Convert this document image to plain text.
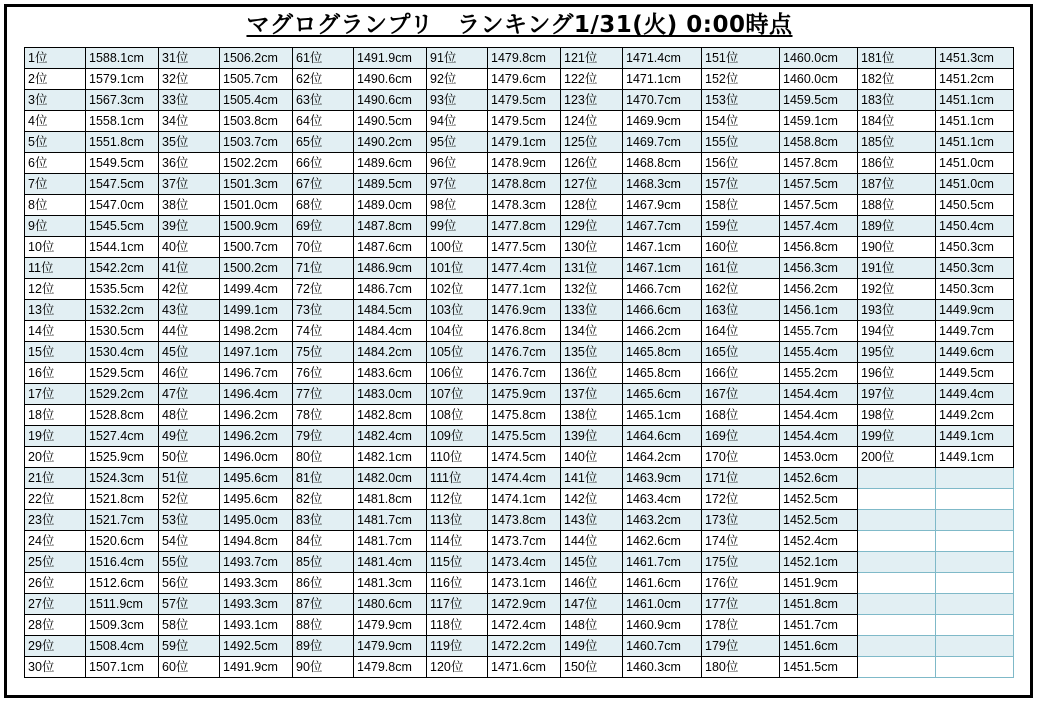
マグログランプリ　ランキング1/31(火) 0:00時点
1位	1588.1cm	31位	1506.2cm	61位	1491.9cm	91位	1479.8cm	121位	1471.4cm	151位	1460.0cm	181位	1451.3cm
2位	1579.1cm	32位	1505.7cm	62位	1490.6cm	92位	1479.6cm	122位	1471.1cm	152位	1460.0cm	182位	1451.2cm
3位	1567.3cm	33位	1505.4cm	63位	1490.6cm	93位	1479.5cm	123位	1470.7cm	153位	1459.5cm	183位	1451.1cm
4位	1558.1cm	34位	1503.8cm	64位	1490.5cm	94位	1479.5cm	124位	1469.9cm	154位	1459.1cm	184位	1451.1cm
5位	1551.8cm	35位	1503.7cm	65位	1490.2cm	95位	1479.1cm	125位	1469.7cm	155位	1458.8cm	185位	1451.1cm
6位	1549.5cm	36位	1502.2cm	66位	1489.6cm	96位	1478.9cm	126位	1468.8cm	156位	1457.8cm	186位	1451.0cm
7位	1547.5cm	37位	1501.3cm	67位	1489.5cm	97位	1478.8cm	127位	1468.3cm	157位	1457.5cm	187位	1451.0cm
8位	1547.0cm	38位	1501.0cm	68位	1489.0cm	98位	1478.3cm	128位	1467.9cm	158位	1457.5cm	188位	1450.5cm
9位	1545.5cm	39位	1500.9cm	69位	1487.8cm	99位	1477.8cm	129位	1467.7cm	159位	1457.4cm	189位	1450.4cm
10位	1544.1cm	40位	1500.7cm	70位	1487.6cm	100位	1477.5cm	130位	1467.1cm	160位	1456.8cm	190位	1450.3cm
11位	1542.2cm	41位	1500.2cm	71位	1486.9cm	101位	1477.4cm	131位	1467.1cm	161位	1456.3cm	191位	1450.3cm
12位	1535.5cm	42位	1499.4cm	72位	1486.7cm	102位	1477.1cm	132位	1466.7cm	162位	1456.2cm	192位	1450.3cm
13位	1532.2cm	43位	1499.1cm	73位	1484.5cm	103位	1476.9cm	133位	1466.6cm	163位	1456.1cm	193位	1449.9cm
14位	1530.5cm	44位	1498.2cm	74位	1484.4cm	104位	1476.8cm	134位	1466.2cm	164位	1455.7cm	194位	1449.7cm
15位	1530.4cm	45位	1497.1cm	75位	1484.2cm	105位	1476.7cm	135位	1465.8cm	165位	1455.4cm	195位	1449.6cm
16位	1529.5cm	46位	1496.7cm	76位	1483.6cm	106位	1476.7cm	136位	1465.8cm	166位	1455.2cm	196位	1449.5cm
17位	1529.2cm	47位	1496.4cm	77位	1483.0cm	107位	1475.9cm	137位	1465.6cm	167位	1454.4cm	197位	1449.4cm
18位	1528.8cm	48位	1496.2cm	78位	1482.8cm	108位	1475.8cm	138位	1465.1cm	168位	1454.4cm	198位	1449.2cm
19位	1527.4cm	49位	1496.2cm	79位	1482.4cm	109位	1475.5cm	139位	1464.6cm	169位	1454.4cm	199位	1449.1cm
20位	1525.9cm	50位	1496.0cm	80位	1482.1cm	110位	1474.5cm	140位	1464.2cm	170位	1453.0cm	200位	1449.1cm
21位	1524.3cm	51位	1495.6cm	81位	1482.0cm	111位	1474.4cm	141位	1463.9cm	171位	1452.6cm		
22位	1521.8cm	52位	1495.6cm	82位	1481.8cm	112位	1474.1cm	142位	1463.4cm	172位	1452.5cm		
23位	1521.7cm	53位	1495.0cm	83位	1481.7cm	113位	1473.8cm	143位	1463.2cm	173位	1452.5cm		
24位	1520.6cm	54位	1494.8cm	84位	1481.7cm	114位	1473.7cm	144位	1462.6cm	174位	1452.4cm		
25位	1516.4cm	55位	1493.7cm	85位	1481.4cm	115位	1473.4cm	145位	1461.7cm	175位	1452.1cm		
26位	1512.6cm	56位	1493.3cm	86位	1481.3cm	116位	1473.1cm	146位	1461.6cm	176位	1451.9cm		
27位	1511.9cm	57位	1493.3cm	87位	1480.6cm	117位	1472.9cm	147位	1461.0cm	177位	1451.8cm		
28位	1509.3cm	58位	1493.1cm	88位	1479.9cm	118位	1472.4cm	148位	1460.9cm	178位	1451.7cm		
29位	1508.4cm	59位	1492.5cm	89位	1479.9cm	119位	1472.2cm	149位	1460.7cm	179位	1451.6cm		
30位	1507.1cm	60位	1491.9cm	90位	1479.8cm	120位	1471.6cm	150位	1460.3cm	180位	1451.5cm		
